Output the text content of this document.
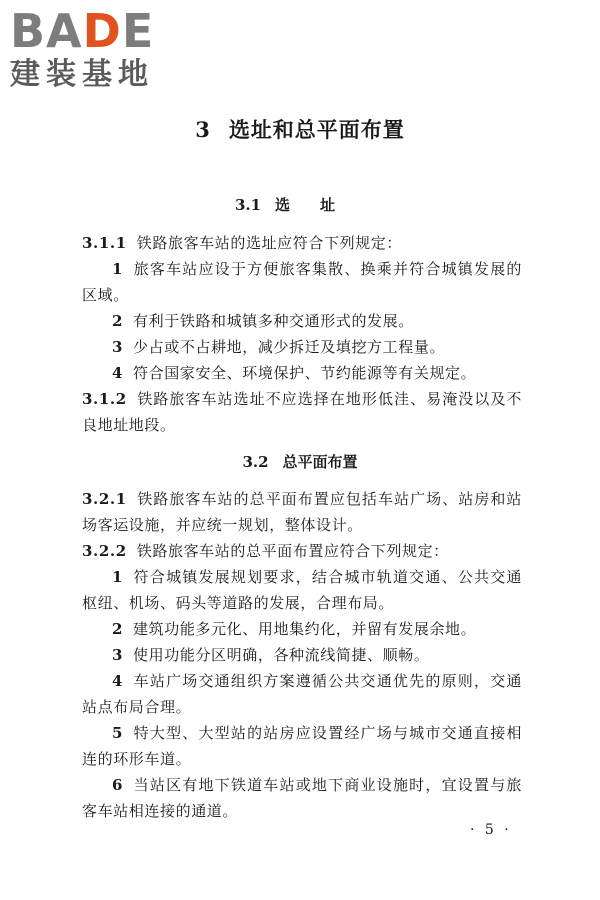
BADE
建装基地
3 选址和总平面布置
3.1 选址

3.1.1 铁路旅客车站的选址应符合下列规定：

1 旅客车站应设于方便旅客集散、换乘并符合城镇发展的区域。

2 有利于铁路和城镇多种交通形式的发展。

3 少占或不占耕地，减少拆迁及填挖方工程量。

4 符合国家安全、环境保护、节约能源等有关规定。

3.1.2 铁路旅客车站选址不应选择在地形低洼、易淹没以及不良地址地段。

3.2 总平面布置

3.2.1 铁路旅客车站的总平面布置应包括车站广场、站房和站场客运设施，并应统一规划，整体设计。

3.2.2 铁路旅客车站的总平面布置应符合下列规定：

1 符合城镇发展规划要求，结合城市轨道交通、公共交通枢纽、机场、码头等道路的发展，合理布局。

2 建筑功能多元化、用地集约化，并留有发展余地。

3 使用功能分区明确，各种流线简捷、顺畅。

4 车站广场交通组织方案遵循公共交通优先的原则，交通站点布局合理。

5 特大型、大型站的站房应设置经广场与城市交通直接相连的环形车道。

6 当站区有地下铁道车站或地下商业设施时，宜设置与旅客车站相连接的通道。

· 5 ·
